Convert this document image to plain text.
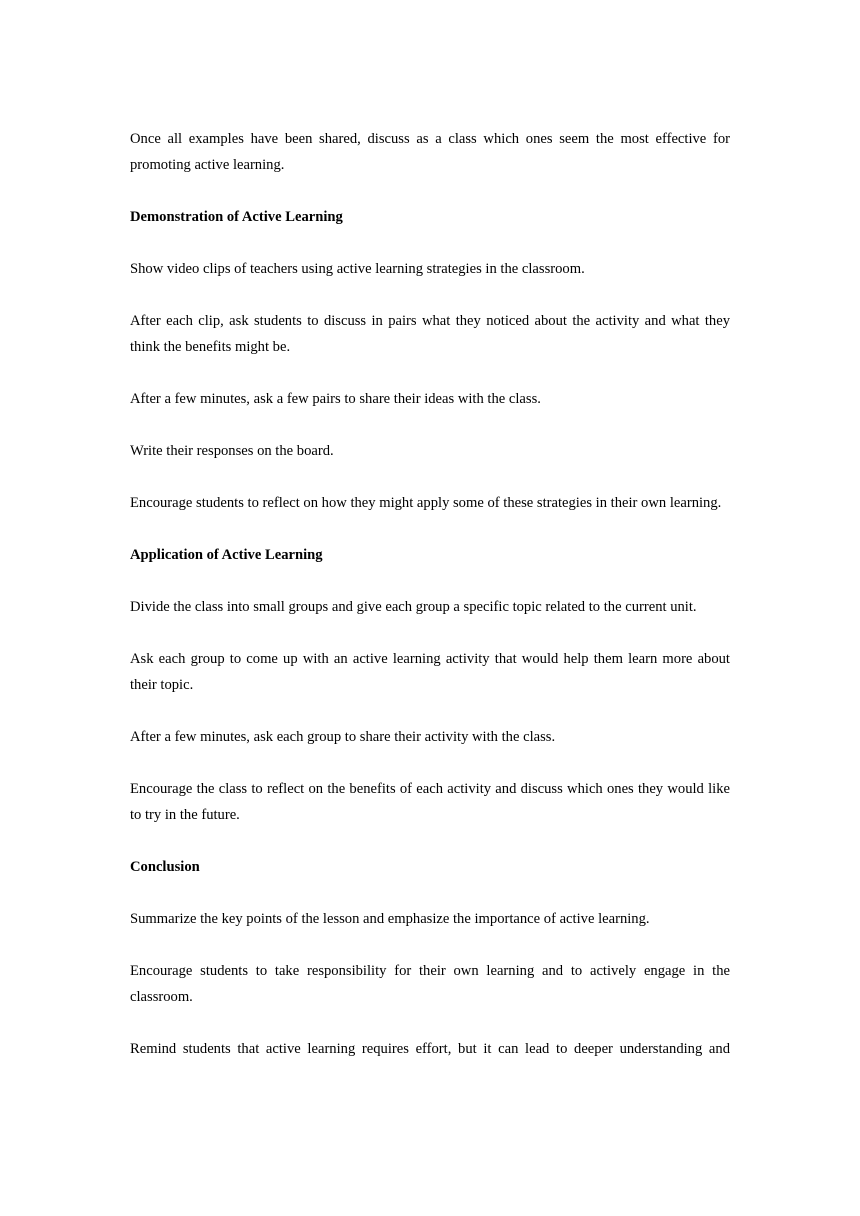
Once all examples have been shared, discuss as a class which ones seem the most effective for promoting active learning.

Demonstration of Active Learning

Show video clips of teachers using active learning strategies in the classroom.

After each clip, ask students to discuss in pairs what they noticed about the activity and what they think the benefits might be.

After a few minutes, ask a few pairs to share their ideas with the class.

Write their responses on the board.

Encourage students to reflect on how they might apply some of these strategies in their own learning.

Application of Active Learning

Divide the class into small groups and give each group a specific topic related to the current unit.

Ask each group to come up with an active learning activity that would help them learn more about their topic.

After a few minutes, ask each group to share their activity with the class.

Encourage the class to reflect on the benefits of each activity and discuss which ones they would like to try in the future.

Conclusion

Summarize the key points of the lesson and emphasize the importance of active learning.

Encourage students to take responsibility for their own learning and to actively engage in the classroom.

Remind students that active learning requires effort, but it can lead to deeper understanding and
